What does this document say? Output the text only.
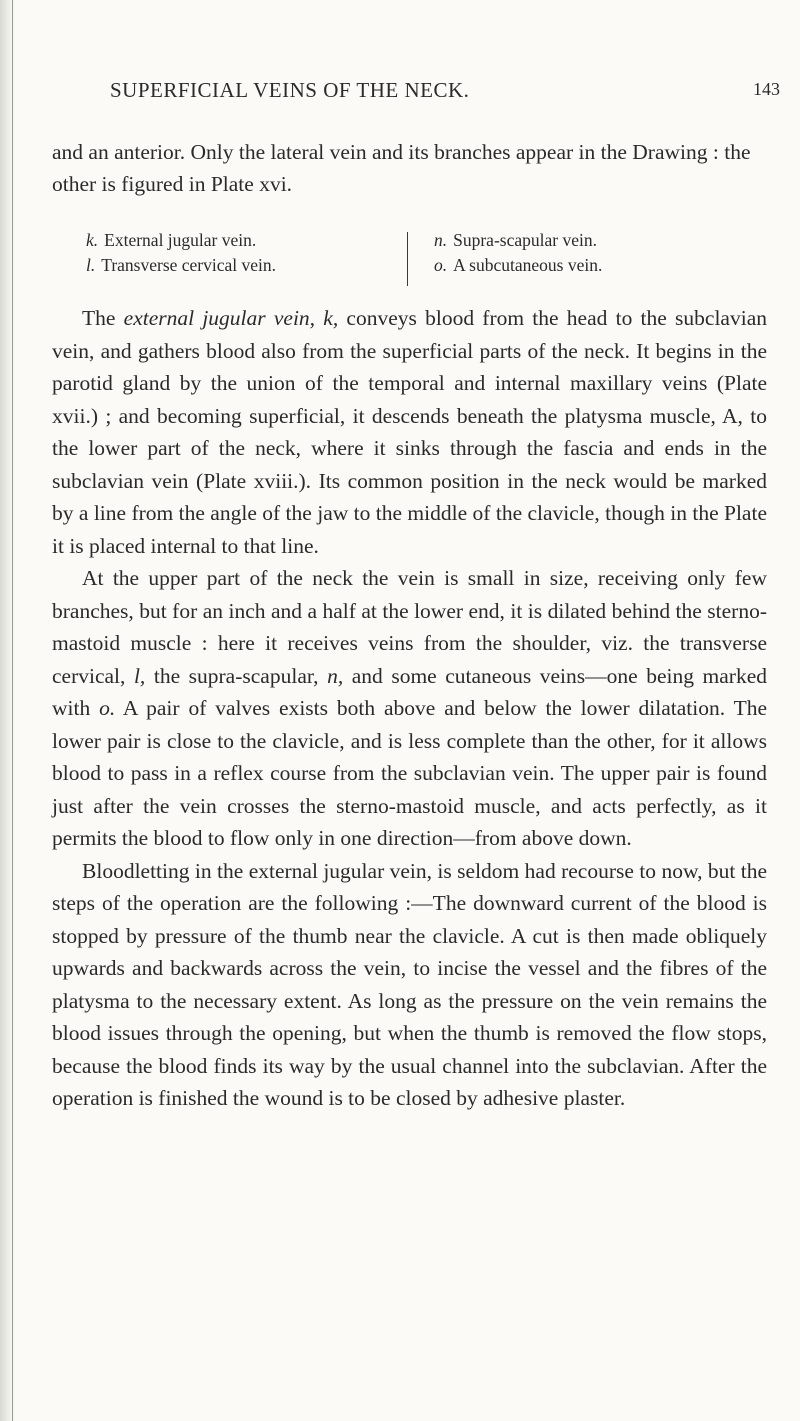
SUPERFICIAL VEINS OF THE NECK.	143

and an anterior. Only the lateral vein and its branches appear in the Drawing : the other is figured in Plate xvi.

k. External jugular vein.
l. Transverse cervical vein.
n. Supra-scapular vein.
o. A subcutaneous vein.

The external jugular vein, k, conveys blood from the head to the subclavian vein, and gathers blood also from the superficial parts of the neck. It begins in the parotid gland by the union of the temporal and internal maxillary veins (Plate xvii.) ; and becoming superficial, it descends beneath the platysma muscle, A, to the lower part of the neck, where it sinks through the fascia and ends in the subclavian vein (Plate xviii.). Its common position in the neck would be marked by a line from the angle of the jaw to the middle of the clavicle, though in the Plate it is placed internal to that line.

At the upper part of the neck the vein is small in size, receiving only few branches, but for an inch and a half at the lower end, it is dilated behind the sterno-mastoid muscle : here it receives veins from the shoulder, viz. the transverse cervical, l, the supra-scapular, n, and some cutaneous veins—one being marked with o. A pair of valves exists both above and below the lower dilatation. The lower pair is close to the clavicle, and is less complete than the other, for it allows blood to pass in a reflex course from the subclavian vein. The upper pair is found just after the vein crosses the sterno-mastoid muscle, and acts perfectly, as it permits the blood to flow only in one direction—from above down.

Bloodletting in the external jugular vein, is seldom had recourse to now, but the steps of the operation are the following :—The downward current of the blood is stopped by pressure of the thumb near the clavicle. A cut is then made obliquely upwards and backwards across the vein, to incise the vessel and the fibres of the platysma to the necessary extent. As long as the pressure on the vein remains the blood issues through the opening, but when the thumb is removed the flow stops, because the blood finds its way by the usual channel into the subclavian. After the operation is finished the wound is to be closed by adhesive plaster.
